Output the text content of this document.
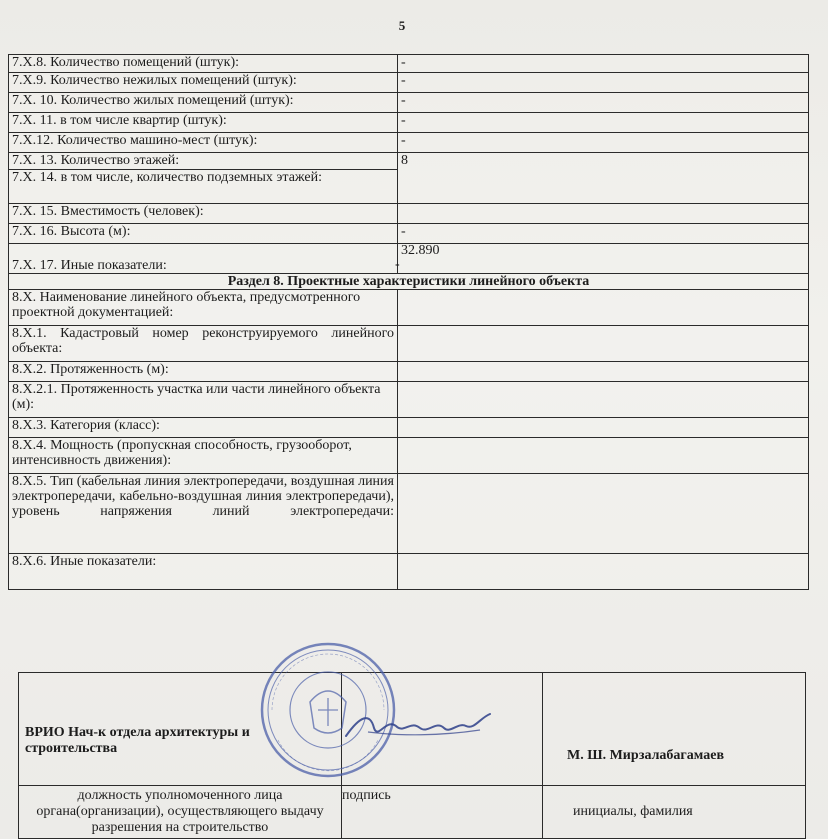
5
7.Х.8. Количество помещений (штук):	-
7.Х.9. Количество нежилых помещений (штук):	-
7.Х. 10. Количество жилых помещений (штук):	-
7.Х. 11. в том числе квартир (штук):	-
7.Х.12. Количество машино-мест (штук):	-
7.Х. 13. Количество этажей:	8
7.Х. 14. в том числе, количество подземных этажей:	
7.Х. 15. Вместимость (человек):	
7.Х. 16. Высота (м):	-
7.Х. 17. Иные показатели:	32.890
-

Раздел 8. Проектные характеристики линейного объекта	
8.Х. Наименование линейного объекта, предусмотренного проектной документацией:	
8.Х.1. Кадастровый номер реконструируемого линейного объекта:	
8.Х.2. Протяженность (м):	
8.Х.2.1. Протяженность участка или части линейного объекта (м):	
8.Х.3. Категория (класс):	
8.Х.4. Мощность (пропускная способность, грузооборот, интенсивность движения):	
8.Х.5. Тип (кабельная линия электропередачи, воздушная линия электропередачи, кабельно-воздушная линия электропередачи), уровень напряжения линий электропередачи:	
8.Х.6. Иные показатели:	
ВРИО Нач-к отдела архитектуры и строительства		М. Ш. Мирзалабагамаев
должность уполномоченного лица органа(организации), осуществляющего выдачу разрешения на строительство	подпись	инициалы, фамилия
